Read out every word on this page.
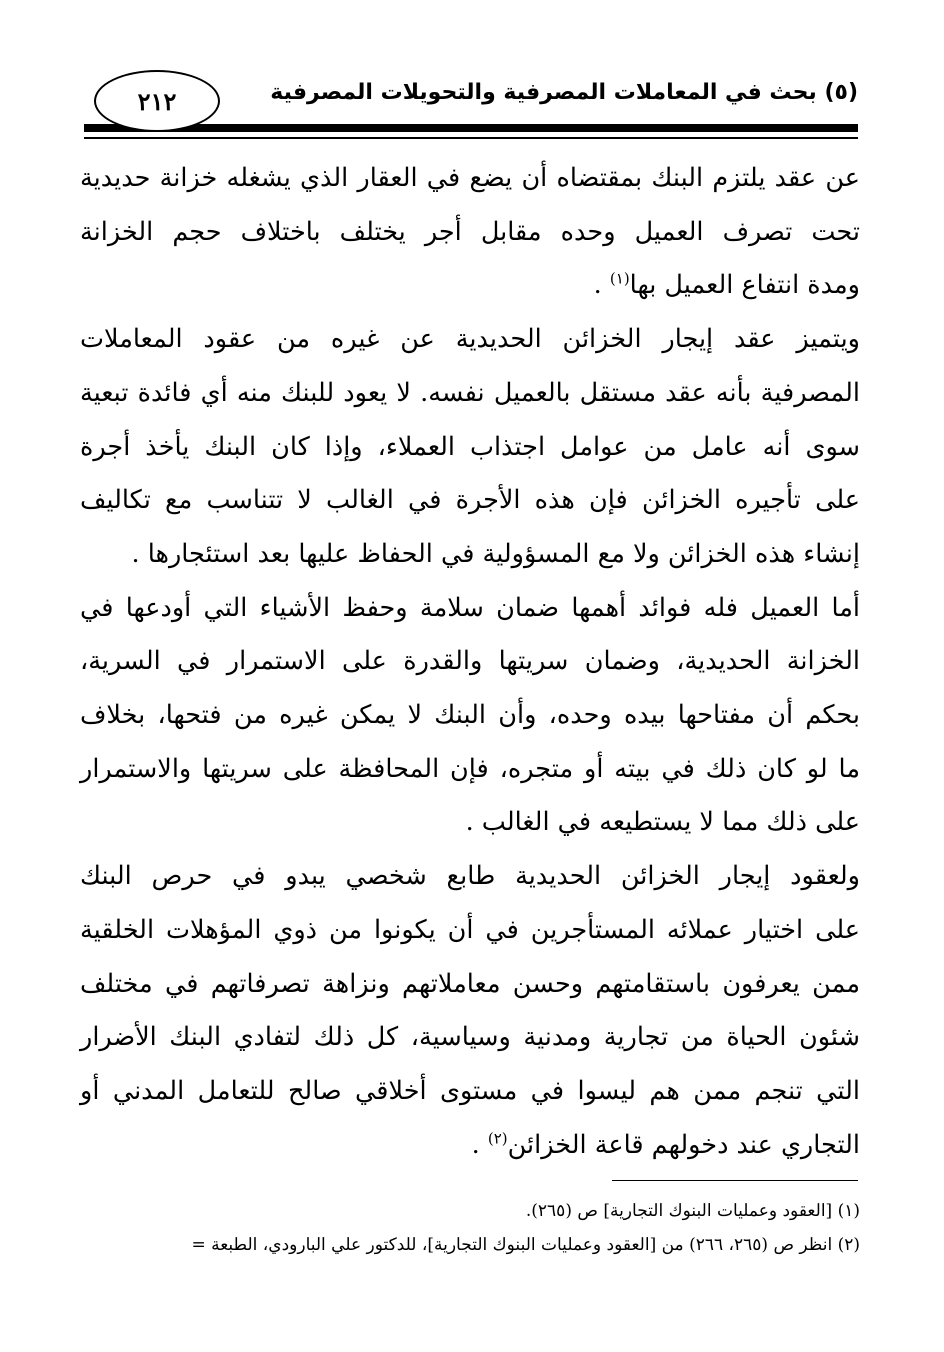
(٥) بحث في المعاملات المصرفية والتحويلات المصرفية
٢١٢

عن عقد يلتزم البنك بمقتضاه أن يضع في العقار الذي يشغله خزانة حديدية
تحت تصرف العميل وحده مقابل أجر يختلف باختلاف حجم الخزانة
ومدة انتفاع العميل بها$^{(١)}$ .

ويتميز عقد إيجار الخزائن الحديدية عن غيره من عقود المعاملات
المصرفية بأنه عقد مستقل بالعميل نفسه. لا يعود للبنك منه أي فائدة تبعية
سوى أنه عامل من عوامل اجتذاب العملاء، وإذا كان البنك يأخذ أجرة
على تأجيره الخزائن فإن هذه الأجرة في الغالب لا تتناسب مع تكاليف
إنشاء هذه الخزائن ولا مع المسؤولية في الحفاظ عليها بعد استئجارها .

أما العميل فله فوائد أهمها ضمان سلامة وحفظ الأشياء التي أودعها في
الخزانة الحديدية، وضمان سريتها والقدرة على الاستمرار في السرية،
بحكم أن مفتاحها بيده وحده، وأن البنك لا يمكن غيره من فتحها، بخلاف
ما لو كان ذلك في بيته أو متجره، فإن المحافظة على سريتها والاستمرار
على ذلك مما لا يستطيعه في الغالب .

ولعقود إيجار الخزائن الحديدية طابع شخصي يبدو في حرص البنك
على اختيار عملائه المستأجرين في أن يكونوا من ذوي المؤهلات الخلقية
ممن يعرفون باستقامتهم وحسن معاملاتهم ونزاهة تصرفاتهم في مختلف
شئون الحياة من تجارية ومدنية وسياسية، كل ذلك لتفادي البنك الأضرار
التي تنجم ممن هم ليسوا في مستوى أخلاقي صالح للتعامل المدني أو
التجاري عند دخولهم قاعة الخزائن$^{(٢)}$ .

(١) [العقود وعمليات البنوك التجارية] ص (٢٦٥).
(٢) انظر ص (٢٦٥، ٢٦٦) من [العقود وعمليات البنوك التجارية]، للدكتور علي البارودي، الطبعة =
